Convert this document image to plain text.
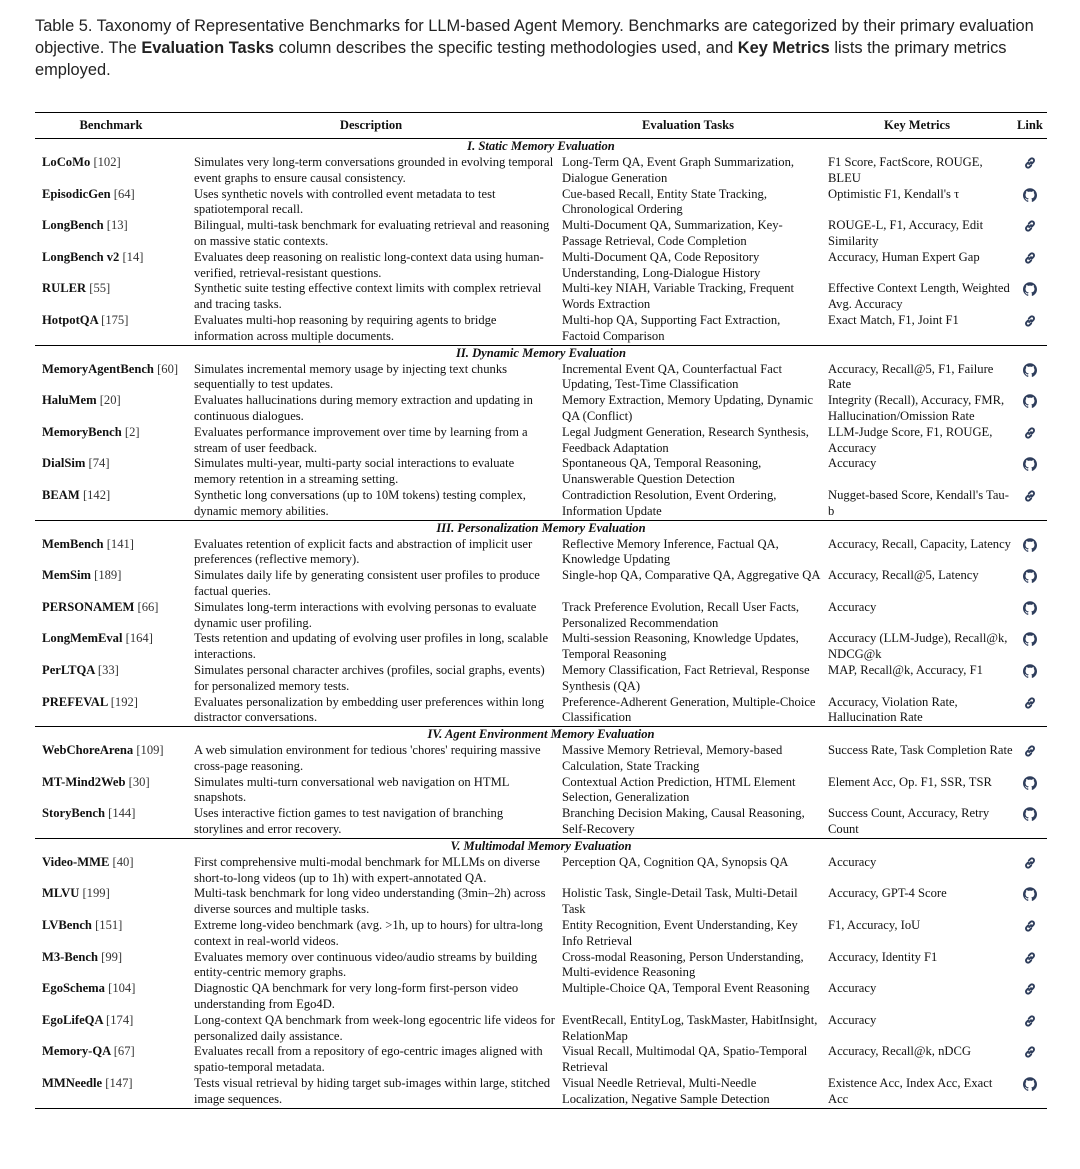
Table 5. Taxonomy of Representative Benchmarks for LLM-based Agent Memory. Benchmarks are categorized by their primary evaluation objective. The Evaluation Tasks column describes the specific testing methodologies used, and Key Metrics lists the primary metrics employed.
Benchmark	Description	Evaluation Tasks	Key Metrics	Link
I. Static Memory Evaluation				
LoCoMo [102]	Simulates very long-term conversations grounded in evolving temporal event graphs to ensure causal consistency.	Long-Term QA, Event Graph Summarization, Dialogue Generation	F1 Score, FactScore, ROUGE, BLEU	

EpisodicGen [64]	Uses synthetic novels with controlled event metadata to test spatiotemporal recall.	Cue-based Recall, Entity State Tracking, Chronological Ordering	Optimistic F1, Kendall's τ	

LongBench [13]	Bilingual, multi-task benchmark for evaluating retrieval and reasoning on massive static contexts.	Multi-Document QA, Summarization, Key-Passage Retrieval, Code Completion	ROUGE-L, F1, Accuracy, Edit Similarity	

LongBench v2 [14]	Evaluates deep reasoning on realistic long-context data using human-verified, retrieval-resistant questions.	Multi-Document QA, Code Repository Understanding, Long-Dialogue History	Accuracy, Human Expert Gap	

RULER [55]	Synthetic suite testing effective context limits with complex retrieval and tracing tasks.	Multi-key NIAH, Variable Tracking, Frequent Words Extraction	Effective Context Length, Weighted Avg. Accuracy	

HotpotQA [175]	Evaluates multi-hop reasoning by requiring agents to bridge information across multiple documents.	Multi-hop QA, Supporting Fact Extraction, Factoid Comparison	Exact Match, F1, Joint F1	

II. Dynamic Memory Evaluation				
MemoryAgentBench [60]	Simulates incremental memory usage by injecting text chunks sequentially to test updates.	Incremental Event QA, Counterfactual Fact Updating, Test-Time Classification	Accuracy, Recall@5, F1, Failure Rate	

HaluMem [20]	Evaluates hallucinations during memory extraction and updating in continuous dialogues.	Memory Extraction, Memory Updating, Dynamic QA (Conflict)	Integrity (Recall), Accuracy, FMR, Hallucination/Omission Rate	

MemoryBench [2]	Evaluates performance improvement over time by learning from a stream of user feedback.	Legal Judgment Generation, Research Synthesis, Feedback Adaptation	LLM-Judge Score, F1, ROUGE, Accuracy	

DialSim [74]	Simulates multi-year, multi-party social interactions to evaluate memory retention in a streaming setting.	Spontaneous QA, Temporal Reasoning, Unanswerable Question Detection	Accuracy	

BEAM [142]	Synthetic long conversations (up to 10M tokens) testing complex, dynamic memory abilities.	Contradiction Resolution, Event Ordering, Information Update	Nugget-based Score, Kendall's Tau-b	

III. Personalization Memory Evaluation				
MemBench [141]	Evaluates retention of explicit facts and abstraction of implicit user preferences (reflective memory).	Reflective Memory Inference, Factual QA, Knowledge Updating	Accuracy, Recall, Capacity, Latency	

MemSim [189]	Simulates daily life by generating consistent user profiles to produce factual queries.	Single-hop QA, Comparative QA, Aggregative QA	Accuracy, Recall@5, Latency	

PERSONAMEM [66]	Simulates long-term interactions with evolving personas to evaluate dynamic user profiling.	Track Preference Evolution, Recall User Facts, Personalized Recommendation	Accuracy	

LongMemEval [164]	Tests retention and updating of evolving user profiles in long, scalable interactions.	Multi-session Reasoning, Knowledge Updates, Temporal Reasoning	Accuracy (LLM-Judge), Recall@k, NDCG@k	

PerLTQA [33]	Simulates personal character archives (profiles, social graphs, events) for personalized memory tests.	Memory Classification, Fact Retrieval, Response Synthesis (QA)	MAP, Recall@k, Accuracy, F1	

PREFEVAL [192]	Evaluates personalization by embedding user preferences within long distractor conversations.	Preference-Adherent Generation, Multiple-Choice Classification	Accuracy, Violation Rate, Hallucination Rate	

IV. Agent Environment Memory Evaluation				
WebChoreArena [109]	A web simulation environment for tedious 'chores' requiring massive cross-page reasoning.	Massive Memory Retrieval, Memory-based Calculation, State Tracking	Success Rate, Task Completion Rate	

MT-Mind2Web [30]	Simulates multi-turn conversational web navigation on HTML snapshots.	Contextual Action Prediction, HTML Element Selection, Generalization	Element Acc, Op. F1, SSR, TSR	

StoryBench [144]	Uses interactive fiction games to test navigation of branching storylines and error recovery.	Branching Decision Making, Causal Reasoning, Self-Recovery	Success Count, Accuracy, Retry Count	

V. Multimodal Memory Evaluation				
Video-MME [40]	First comprehensive multi-modal benchmark for MLLMs on diverse short-to-long videos (up to 1h) with expert-annotated QA.	Perception QA, Cognition QA, Synopsis QA	Accuracy	

MLVU [199]	Multi-task benchmark for long video understanding (3min–2h) across diverse sources and multiple tasks.	Holistic Task, Single-Detail Task, Multi-Detail Task	Accuracy, GPT-4 Score	

LVBench [151]	Extreme long-video benchmark (avg. >1h, up to hours) for ultra-long context in real-world videos.	Entity Recognition, Event Understanding, Key Info Retrieval	F1, Accuracy, IoU	

M3-Bench [99]	Evaluates memory over continuous video/audio streams by building entity-centric memory graphs.	Cross-modal Reasoning, Person Understanding, Multi-evidence Reasoning	Accuracy, Identity F1	

EgoSchema [104]	Diagnostic QA benchmark for very long-form first-person video understanding from Ego4D.	Multiple-Choice QA, Temporal Event Reasoning	Accuracy	

EgoLifeQA [174]	Long-context QA benchmark from week-long egocentric life videos for personalized daily assistance.	EventRecall, EntityLog, TaskMaster, HabitInsight, RelationMap	Accuracy	

Memory-QA [67]	Evaluates recall from a repository of ego-centric images aligned with spatio-temporal metadata.	Visual Recall, Multimodal QA, Spatio-Temporal Retrieval	Accuracy, Recall@k, nDCG	

MMNeedle [147]	Tests visual retrieval by hiding target sub-images within large, stitched image sequences.	Visual Needle Retrieval, Multi-Needle Localization, Negative Sample Detection	Existence Acc, Index Acc, Exact Acc	
